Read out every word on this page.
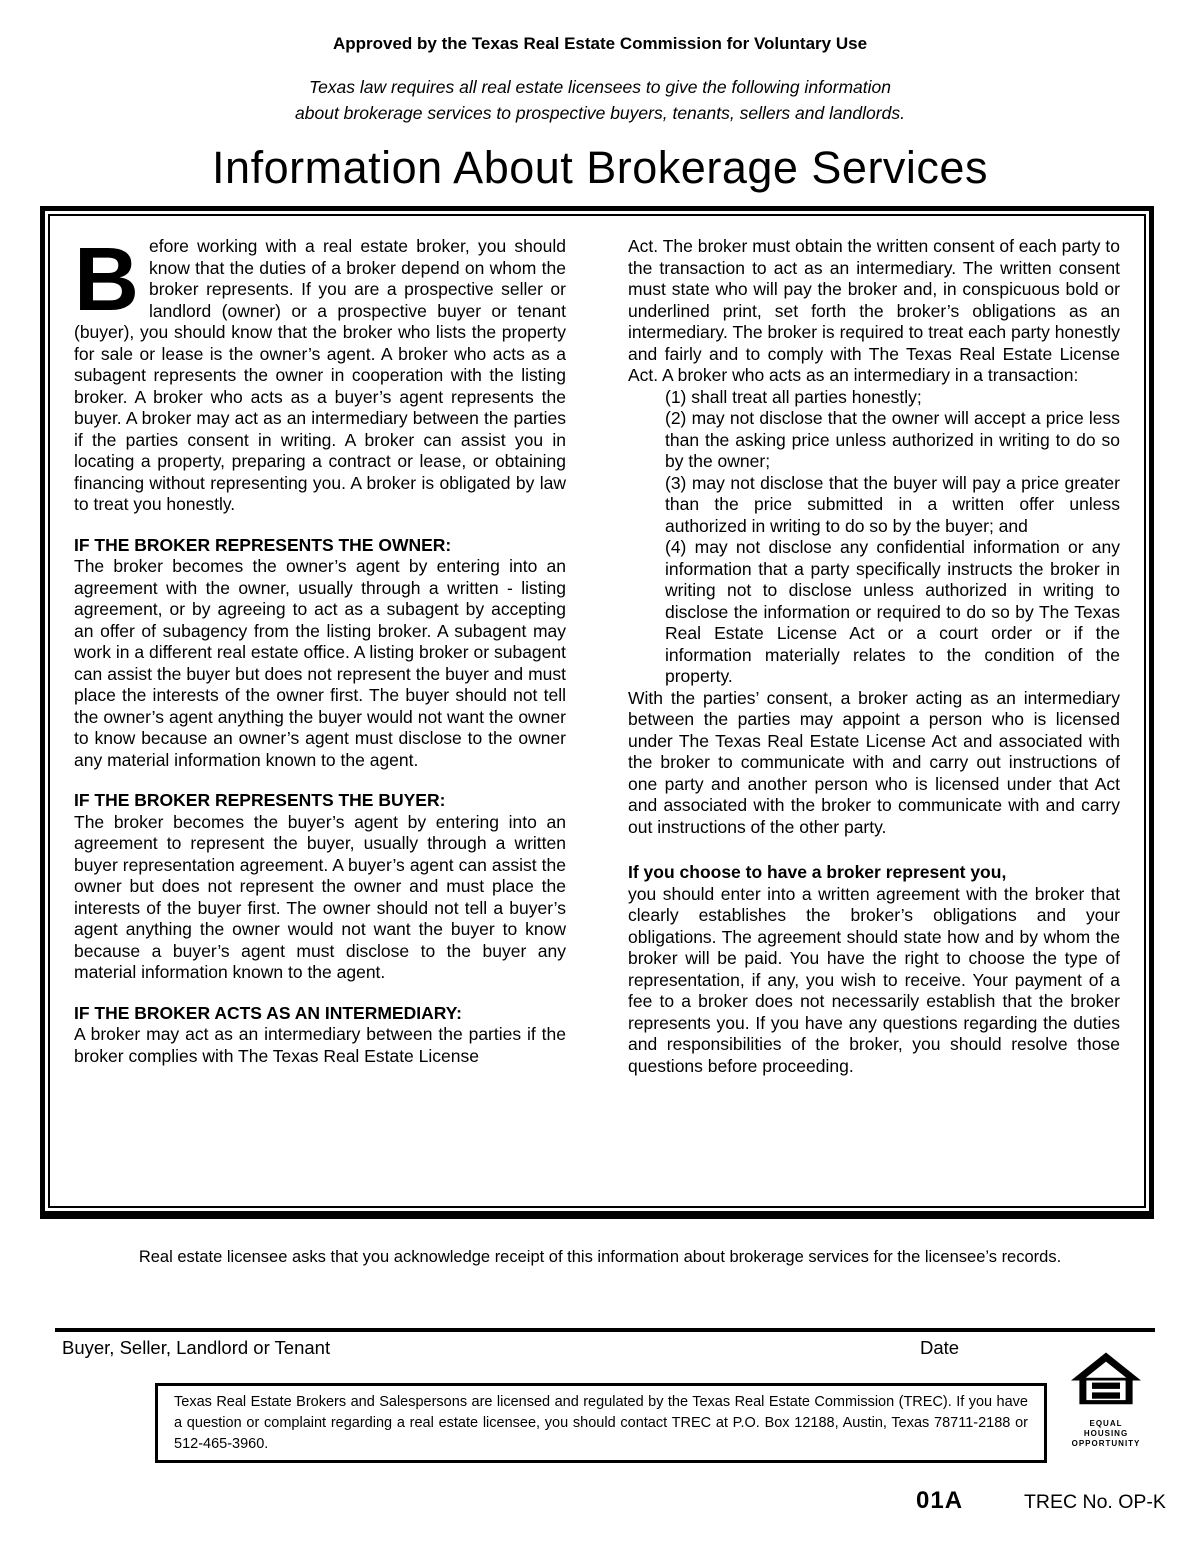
Approved by the Texas Real Estate Commission for Voluntary Use
Texas law requires all real estate licensees to give the following information
about brokerage services to prospective buyers, tenants, sellers and landlords.
Information About Brokerage Services

Before working with a real estate broker, you should know that the duties of a broker depend on whom the broker represents. If you are a prospective seller or landlord (owner) or a prospective buyer or tenant (buyer), you should know that the broker who lists the property for sale or lease is the owner’s agent. A broker who acts as a subagent represents the owner in cooperation with the listing broker. A broker who acts as a buyer’s agent represents the buyer. A broker may act as an intermediary between the parties if the parties consent in writing. A broker can assist you in locating a property, preparing a contract or lease, or obtaining financing without representing you. A broker is obligated by law to treat you honestly.

IF THE BROKER REPRESENTS THE OWNER:

The broker becomes the owner’s agent by entering into an agreement with the owner, usually through a written - listing agreement, or by agreeing to act as a subagent by accepting an offer of subagency from the listing broker. A subagent may work in a different real estate office. A listing broker or subagent can assist the buyer but does not represent the buyer and must place the interests of the owner first. The buyer should not tell the owner’s agent anything the buyer would not want the owner to know because an owner’s agent must disclose to the owner any material information known to the agent.

IF THE BROKER REPRESENTS THE BUYER:

The broker becomes the buyer’s agent by entering into an agreement to represent the buyer, usually through a written buyer representation agreement. A buyer’s agent can assist the owner but does not represent the owner and must place the interests of the buyer first. The owner should not tell a buyer’s agent anything the owner would not want the buyer to know because a buyer’s agent must disclose to the buyer any material information known to the agent.

IF THE BROKER ACTS AS AN INTERMEDIARY:

A broker may act as an intermediary between the parties if the broker complies with The Texas Real Estate License

Act. The broker must obtain the written consent of each party to the transaction to act as an intermediary. The written consent must state who will pay the broker and, in conspicuous bold or underlined print, set forth the broker’s obligations as an intermediary. The broker is required to treat each party honestly and fairly and to comply with The Texas Real Estate License Act. A broker who acts as an intermediary in a transaction:

(1) shall treat all parties honestly;

(2) may not disclose that the owner will accept a price less than the asking price unless authorized in writing to do so by the owner;

(3) may not disclose that the buyer will pay a price greater than the price submitted in a written offer unless authorized in writing to do so by the buyer; and

(4) may not disclose any confidential information or any information that a party specifically instructs the broker in writing not to disclose unless authorized in writing to disclose the information or required to do so by The Texas Real Estate License Act or a court order or if the information materially relates to the condition of the property.

With the parties’ consent, a broker acting as an intermediary between the parties may appoint a person who is licensed under The Texas Real Estate License Act and associated with the broker to communicate with and carry out instructions of one party and another person who is licensed under that Act and associated with the broker to communicate with and carry out instructions of the other party.

If you choose to have a broker represent you,

you should enter into a written agreement with the broker that clearly establishes the broker’s obligations and your obligations. The agreement should state how and by whom the broker will be paid. You have the right to choose the type of representation, if any, you wish to receive. Your payment of a fee to a broker does not necessarily establish that the broker represents you. If you have any questions regarding the duties and responsibilities of the broker, you should resolve those questions before proceeding.

Real estate licensee asks that you acknowledge receipt of this information about brokerage services for the licensee’s records.
Buyer, Seller, Landlord or Tenant	Date

Texas Real Estate Brokers and Salespersons are licensed and regulated by the Texas Real Estate Commission (TREC). If you have a question or complaint regarding a real estate licensee, you should contact TREC at P.O. Box 12188, Austin, Texas 78711-2188 or 512-465-3960.

EQUAL HOUSING
OPPORTUNITY
01A	TREC No. OP-K
